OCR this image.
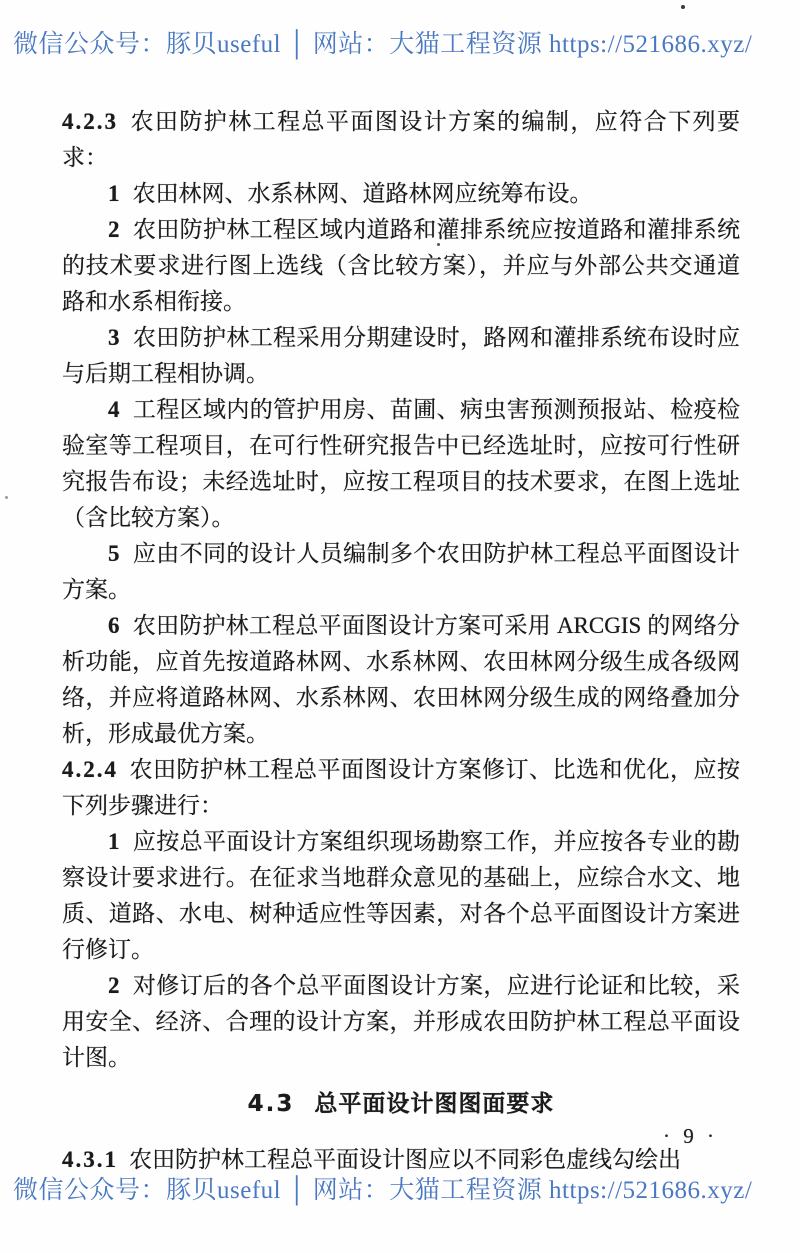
微信公众号：豚贝useful │ 网站：大猫工程资源 https://521686.xyz/

4.2.3 农田防护林工程总平面图设计方案的编制，应符合下列要求：

1 农田林网、水系林网、道路林网应统筹布设。

2 农田防护林工程区域内道路和灌排系统应按道路和灌排系统的技术要求进行图上选线（含比较方案），并应与外部公共交通道路和水系相衔接。

3 农田防护林工程采用分期建设时，路网和灌排系统布设时应与后期工程相协调。

4 工程区域内的管护用房、苗圃、病虫害预测预报站、检疫检验室等工程项目，在可行性研究报告中已经选址时，应按可行性研究报告布设；未经选址时，应按工程项目的技术要求，在图上选址（含比较方案）。

5 应由不同的设计人员编制多个农田防护林工程总平面图设计方案。

6 农田防护林工程总平面图设计方案可采用 ARCGIS 的网络分析功能，应首先按道路林网、水系林网、农田林网分级生成各级网络，并应将道路林网、水系林网、农田林网分级生成的网络叠加分析，形成最优方案。

4.2.4 农田防护林工程总平面图设计方案修订、比选和优化，应按下列步骤进行：

1 应按总平面设计方案组织现场勘察工作，并应按各专业的勘察设计要求进行。在征求当地群众意见的基础上，应综合水文、地质、道路、水电、树种适应性等因素，对各个总平面图设计方案进行修订。

2 对修订后的各个总平面图设计方案，应进行论证和比较，采用安全、经济、合理的设计方案，并形成农田防护林工程总平面设计图。

4.3 总平面设计图图面要求

4.3.1 农田防护林工程总平面设计图应以不同彩色虚线勾绘出

· 9 ·
微信公众号：豚贝useful │ 网站：大猫工程资源 https://521686.xyz/
